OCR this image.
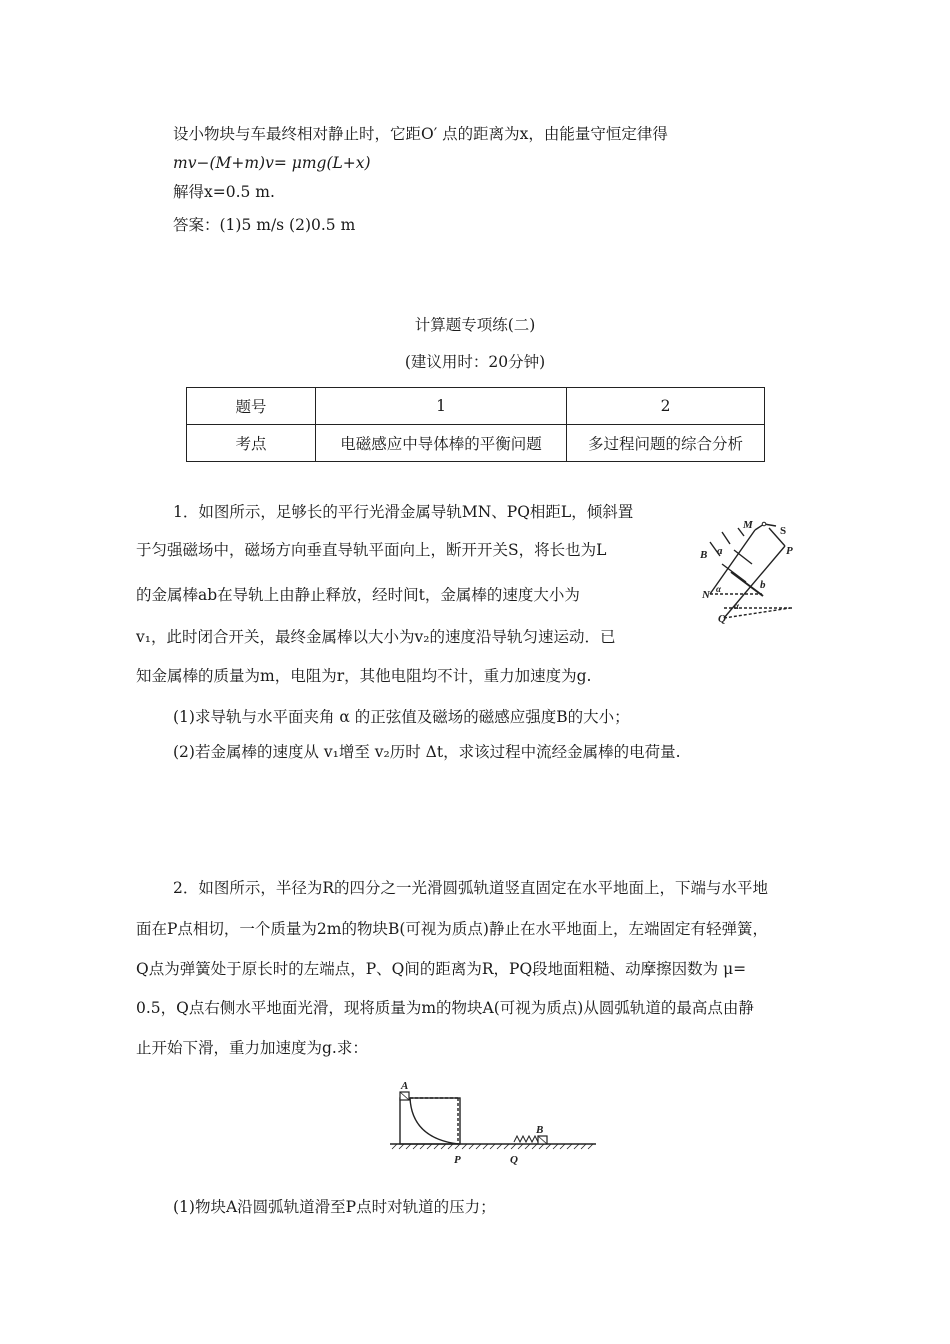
设小物块与车最终相对静止时，它距O′ 点的距离为x，由能量守恒定律得
mv−(M+m)v= μmg(L+x)
解得x=0.5 m.
答案：(1)5 m/s (2)0.5 m
计算题专项练(二)
(建议用时：20分钟)
题号	1	2
考点	电磁感应中导体棒的平衡问题	多过程问题的综合分析
1．如图所示，足够长的平行光滑金属导轨MN、PQ相距L，倾斜置
于匀强磁场中，磁场方向垂直导轨平面向上，断开开关S，将长也为L
的金属棒ab在导轨上由静止释放，经时间t，金属棒的速度大小为
v₁，此时闭合开关，最终金属棒以大小为v₂的速度沿导轨匀速运动．已
知金属棒的质量为m，电阻为r，其他电阻均不计，重力加速度为g.
(1)求导轨与水平面夹角 α 的正弦值及磁场的磁感应强度B的大小；
(2)若金属棒的速度从 v₁增至 v₂历时 Δt，求该过程中流经金属棒的电荷量.
M S
B a	P
b
N α
α
Q
2．如图所示，半径为R的四分之一光滑圆弧轨道竖直固定在水平地面上，下端与水平地
面在P点相切，一个质量为2m的物块B(可视为质点)静止在水平地面上，左端固定有轻弹簧，
Q点为弹簧处于原长时的左端点，P、Q间的距离为R，PQ段地面粗糙、动摩擦因数为 μ=
0.5，Q点右侧水平地面光滑，现将质量为m的物块A(可视为质点)从圆弧轨道的最高点由静
止开始下滑，重力加速度为g.求：
A
B
P	Q
(1)物块A沿圆弧轨道滑至P点时对轨道的压力；
